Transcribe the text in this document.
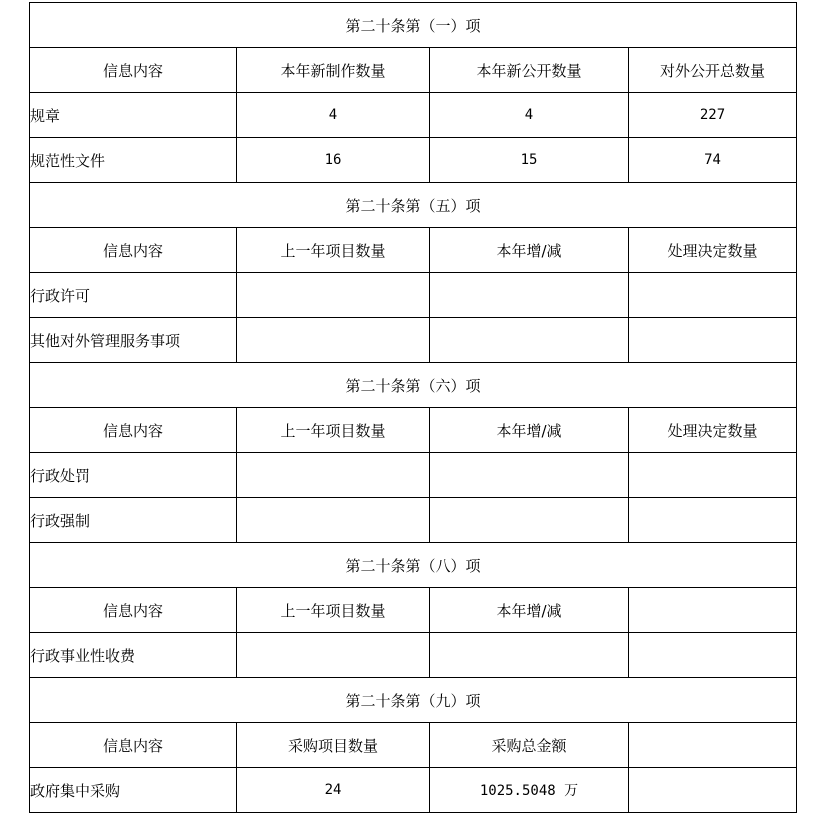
第二十条第（一）项			
信息内容	本年新制作数量	本年新公开数量	对外公开总数量
规章	4	4	227
规范性文件	16	15	74
第二十条第（五）项			
信息内容	上一年项目数量	本年增/减	处理决定数量
行政许可			
其他对外管理服务事项			
第二十条第（六）项			
信息内容	上一年项目数量	本年增/减	处理决定数量
行政处罚			
行政强制			
第二十条第（八）项			
信息内容	上一年项目数量	本年增/减	
行政事业性收费			
第二十条第（九）项			
信息内容	采购项目数量	采购总金额	
政府集中采购	24	1025.5048 万	
